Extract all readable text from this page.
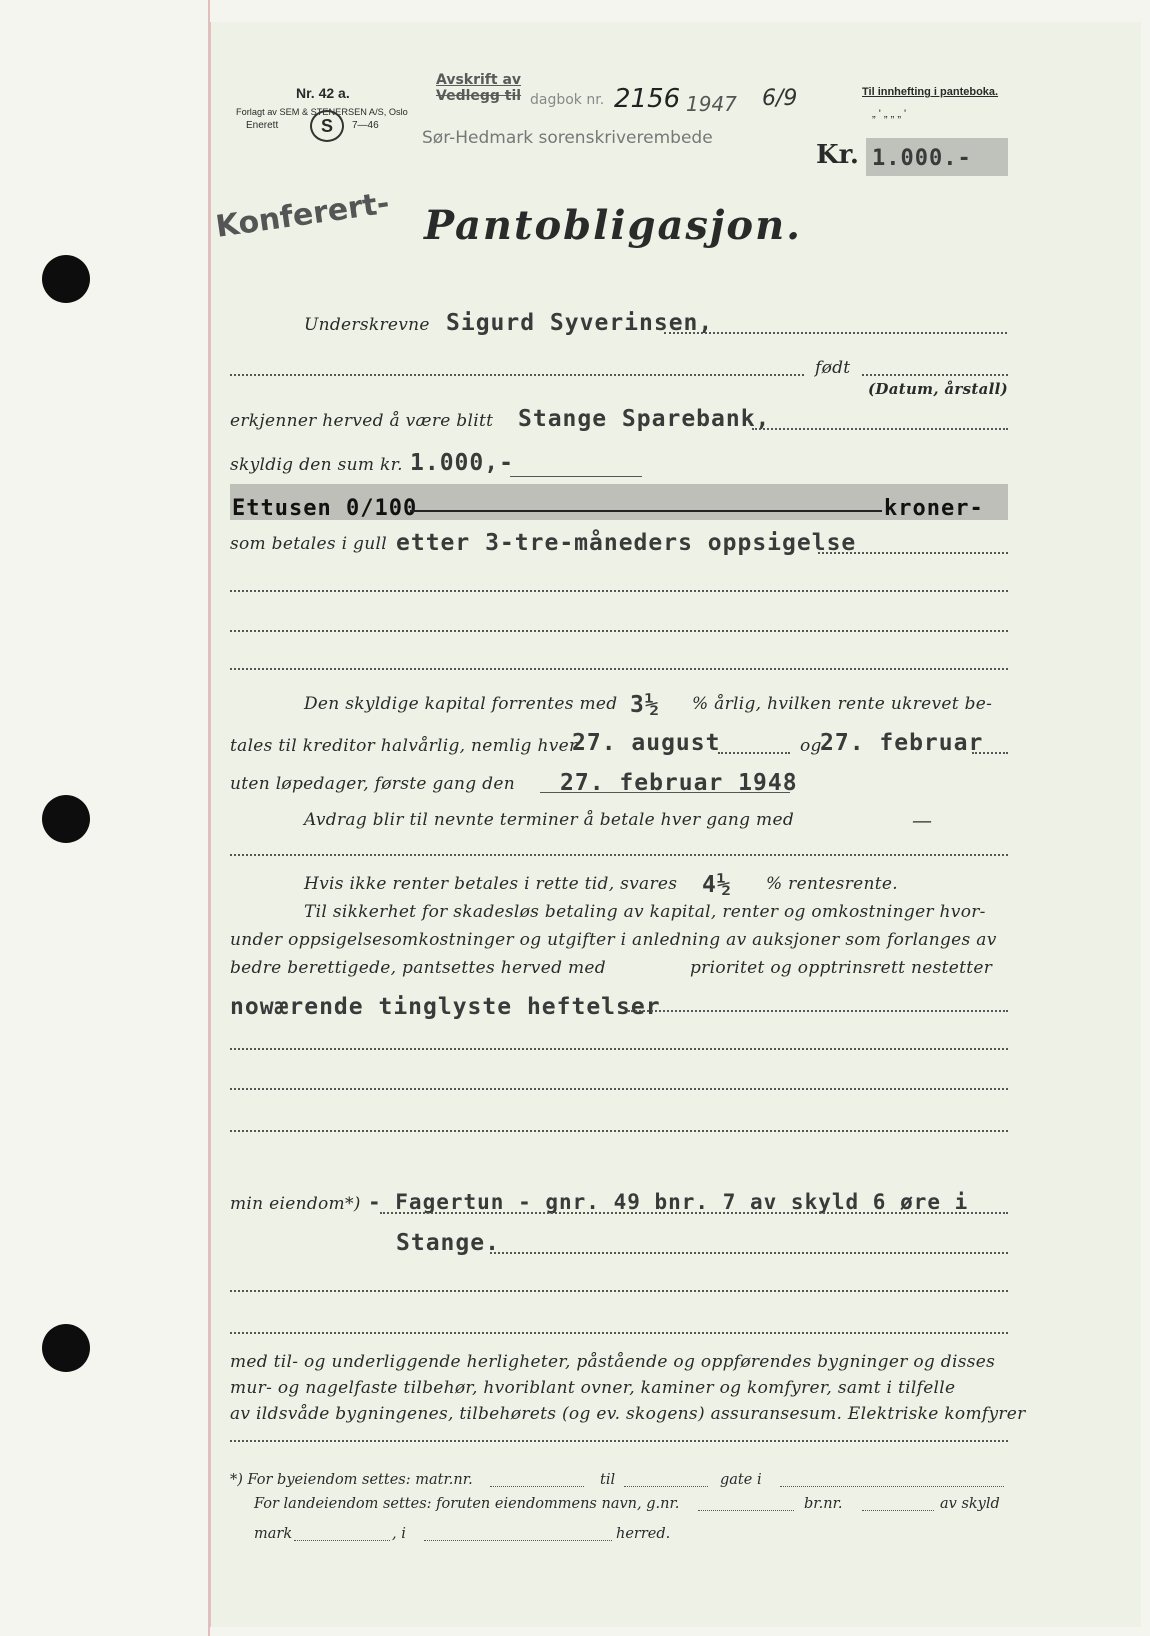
Nr. 42 a.
Forlagt av SEM & STENERSEN A/S, Oslo
Enerett	S	7—46
Avskrift av
Vedlegg til dagbok nr. 2156 1947 6/9
Sør-Hedmark sorenskriverembede
Til innhefting i panteboka.
„ ' „ „ „ '
Kr. 1.000.-
Konferert- Pantobligasjon.
Underskrevne Sigurd Syverinsen,
født
(Datum, årstall)
erkjenner herved å være blitt Stange Sparebank,
skyldig den sum kr. 1.000,-
Ettusen 0/100	kroner-
som betales i gull etter 3-tre-måneders oppsigelse
Den skyldige kapital forrentes med 3½ % årlig, hvilken rente ukrevet be-
tales til kreditor halvårlig, nemlig hver
27. august	og
27. februar
uten løpedager, første gang den 27. februar 1948
Avdrag blir til nevnte terminer å betale hver gang med	—
Hvis ikke renter betales i rette tid, svares 4½ % rentesrente.
Til sikkerhet for skadesløs betaling av kapital, renter og omkostninger hvor-
under oppsigelsesomkostninger og utgifter i anledning av auksjoner som forlanges av
bedre berettigede, pantsettes herved med	prioritet og opptrinsrett nestetter
nowærende tinglyste heftelser
min eiendom*) - Fagertun - gnr. 49 bnr. 7 av skyld 6 øre i
Stange.
med til- og underliggende herligheter, påstående og oppførendes bygninger og disses
mur- og nagelfaste tilbehør, hvoriblant ovner, kaminer og komfyrer, samt i tilfelle
av ildsvåde bygningenes, tilbehørets (og ev. skogens) assuransesum. Elektriske komfyrer
*) For byeiendom settes: matr.nr.	til	gate i
For landeiendom settes: foruten eiendommens navn, g.nr.	br.nr.	av skyld
mark	, i	herred.
